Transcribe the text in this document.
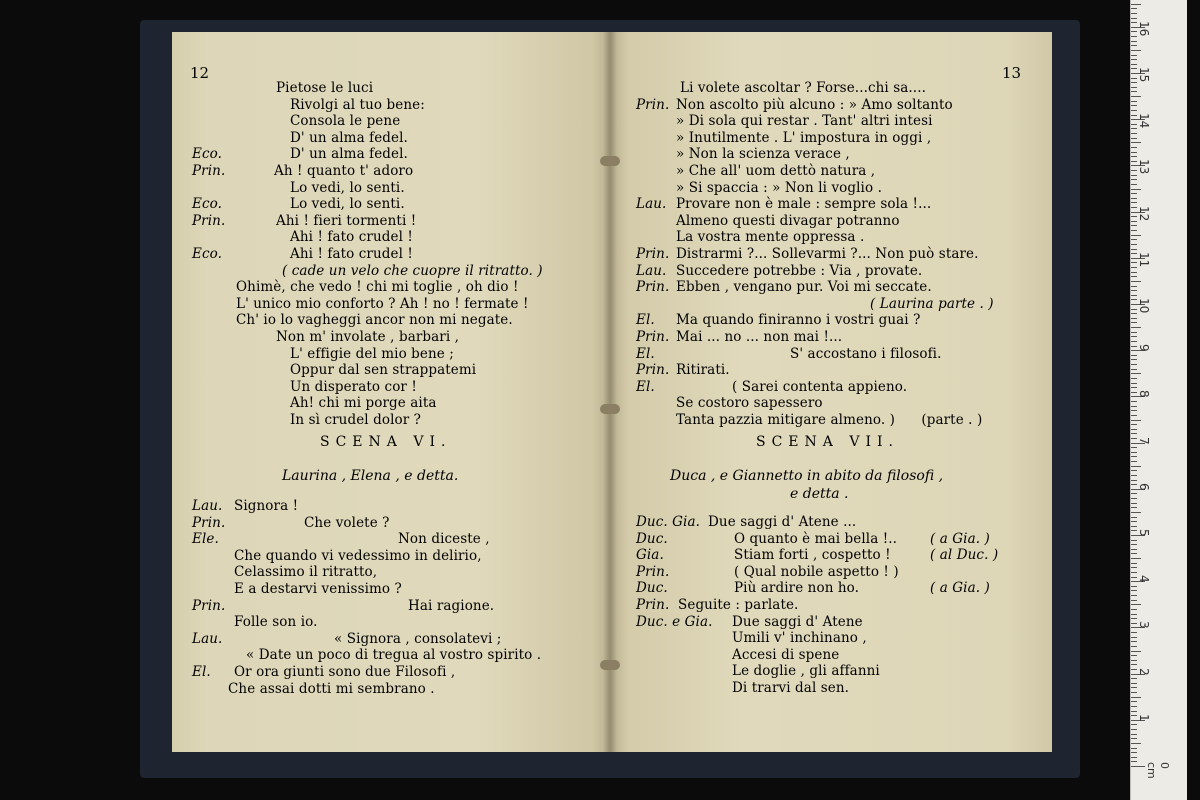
12	13
Pietose le luci
Rivolgi al tuo bene:
Consola le pene
D' un alma fedel.
Eco.	D' un alma fedel.
Prin.	Ah ! quanto t' adoro
Lo vedi, lo senti.
Eco.	Lo vedi, lo senti.
Prin.	Ahi ! fieri tormenti !
Ahi ! fato crudel !
Eco.	Ahi ! fato crudel !
( cade un velo che cuopre il ritratto. )
Ohimè, che vedo ! chi mi toglie , oh dio !
L' unico mio conforto ? Ah ! no ! fermate !
Ch' io lo vagheggi ancor non mi negate.
Non m' involate , barbari ,
L' effigie del mio bene ;
Oppur dal sen strappatemi
Un disperato cor !
Ah! chi mi porge aita
In sì crudel dolor ?
Lau. Signora !
Prin.	Che volete ?
Ele.	Non diceste ,
Che quando vi vedessimo in delirio,
Celassimo il ritratto,
E a destarvi venissimo ?
Prin.	Hai ragione.
Folle son io.
Lau.	« Signora , consolatevi ;
« Date un poco di tregua al vostro spirito .
El. Or ora giunti sono due Filosofi ,
Che assai dotti mi sembrano .
Li volete ascoltar ? Forse...chi sa....
Prin. Non ascolto più alcuno : » Amo soltanto
» Di sola qui restar . Tant' altri intesi
» Inutilmente . L' impostura in oggi ,
» Non la scienza verace ,
» Che all' uom dettò natura ,
» Si spaccia : » Non li voglio .
Lau. Provare non è male : sempre sola !...
Almeno questi divagar potranno
La vostra mente oppressa .
Prin. Distrarmi ?... Sollevarmi ?... Non può stare.
Lau. Succedere potrebbe : Via , provate.
Prin. Ebben , vengano pur. Voi mi seccate.
( Laurina parte . )
El. Ma quando finiranno i vostri guai ?
Prin. Mai ... no ... non mai !...
El.	S' accostano i filosofi.
Prin. Ritirati.
El.	( Sarei contenta appieno.
Se costoro sapessero
Tanta pazzia mitigare almeno. )      (parte . )
Duc. Gia. Due saggi d' Atene ...
Duc.	O quanto è mai bella !.. ( a Gia. )
Gia.	Stiam forti , cospetto !	( al Duc. )
Prin.	( Qual nobile aspetto ! )
Duc.	Più ardire non ho.	( a Gia. )
Prin. Seguite : parlate.
Duc. e Gia. Due saggi d' Atene
Umili v' inchinano ,
Accesi di spene
Le doglie , gli affanni
Di trarvi dal sen.
SCENA VI.
Laurina , Elena , e detta.
SCENA VII.
Duca , e Giannetto in abito da filosofi ,
e detta .
0 cm
1
2
3
4
5
6
7
8
9
10
11
12
13
14
15
16
